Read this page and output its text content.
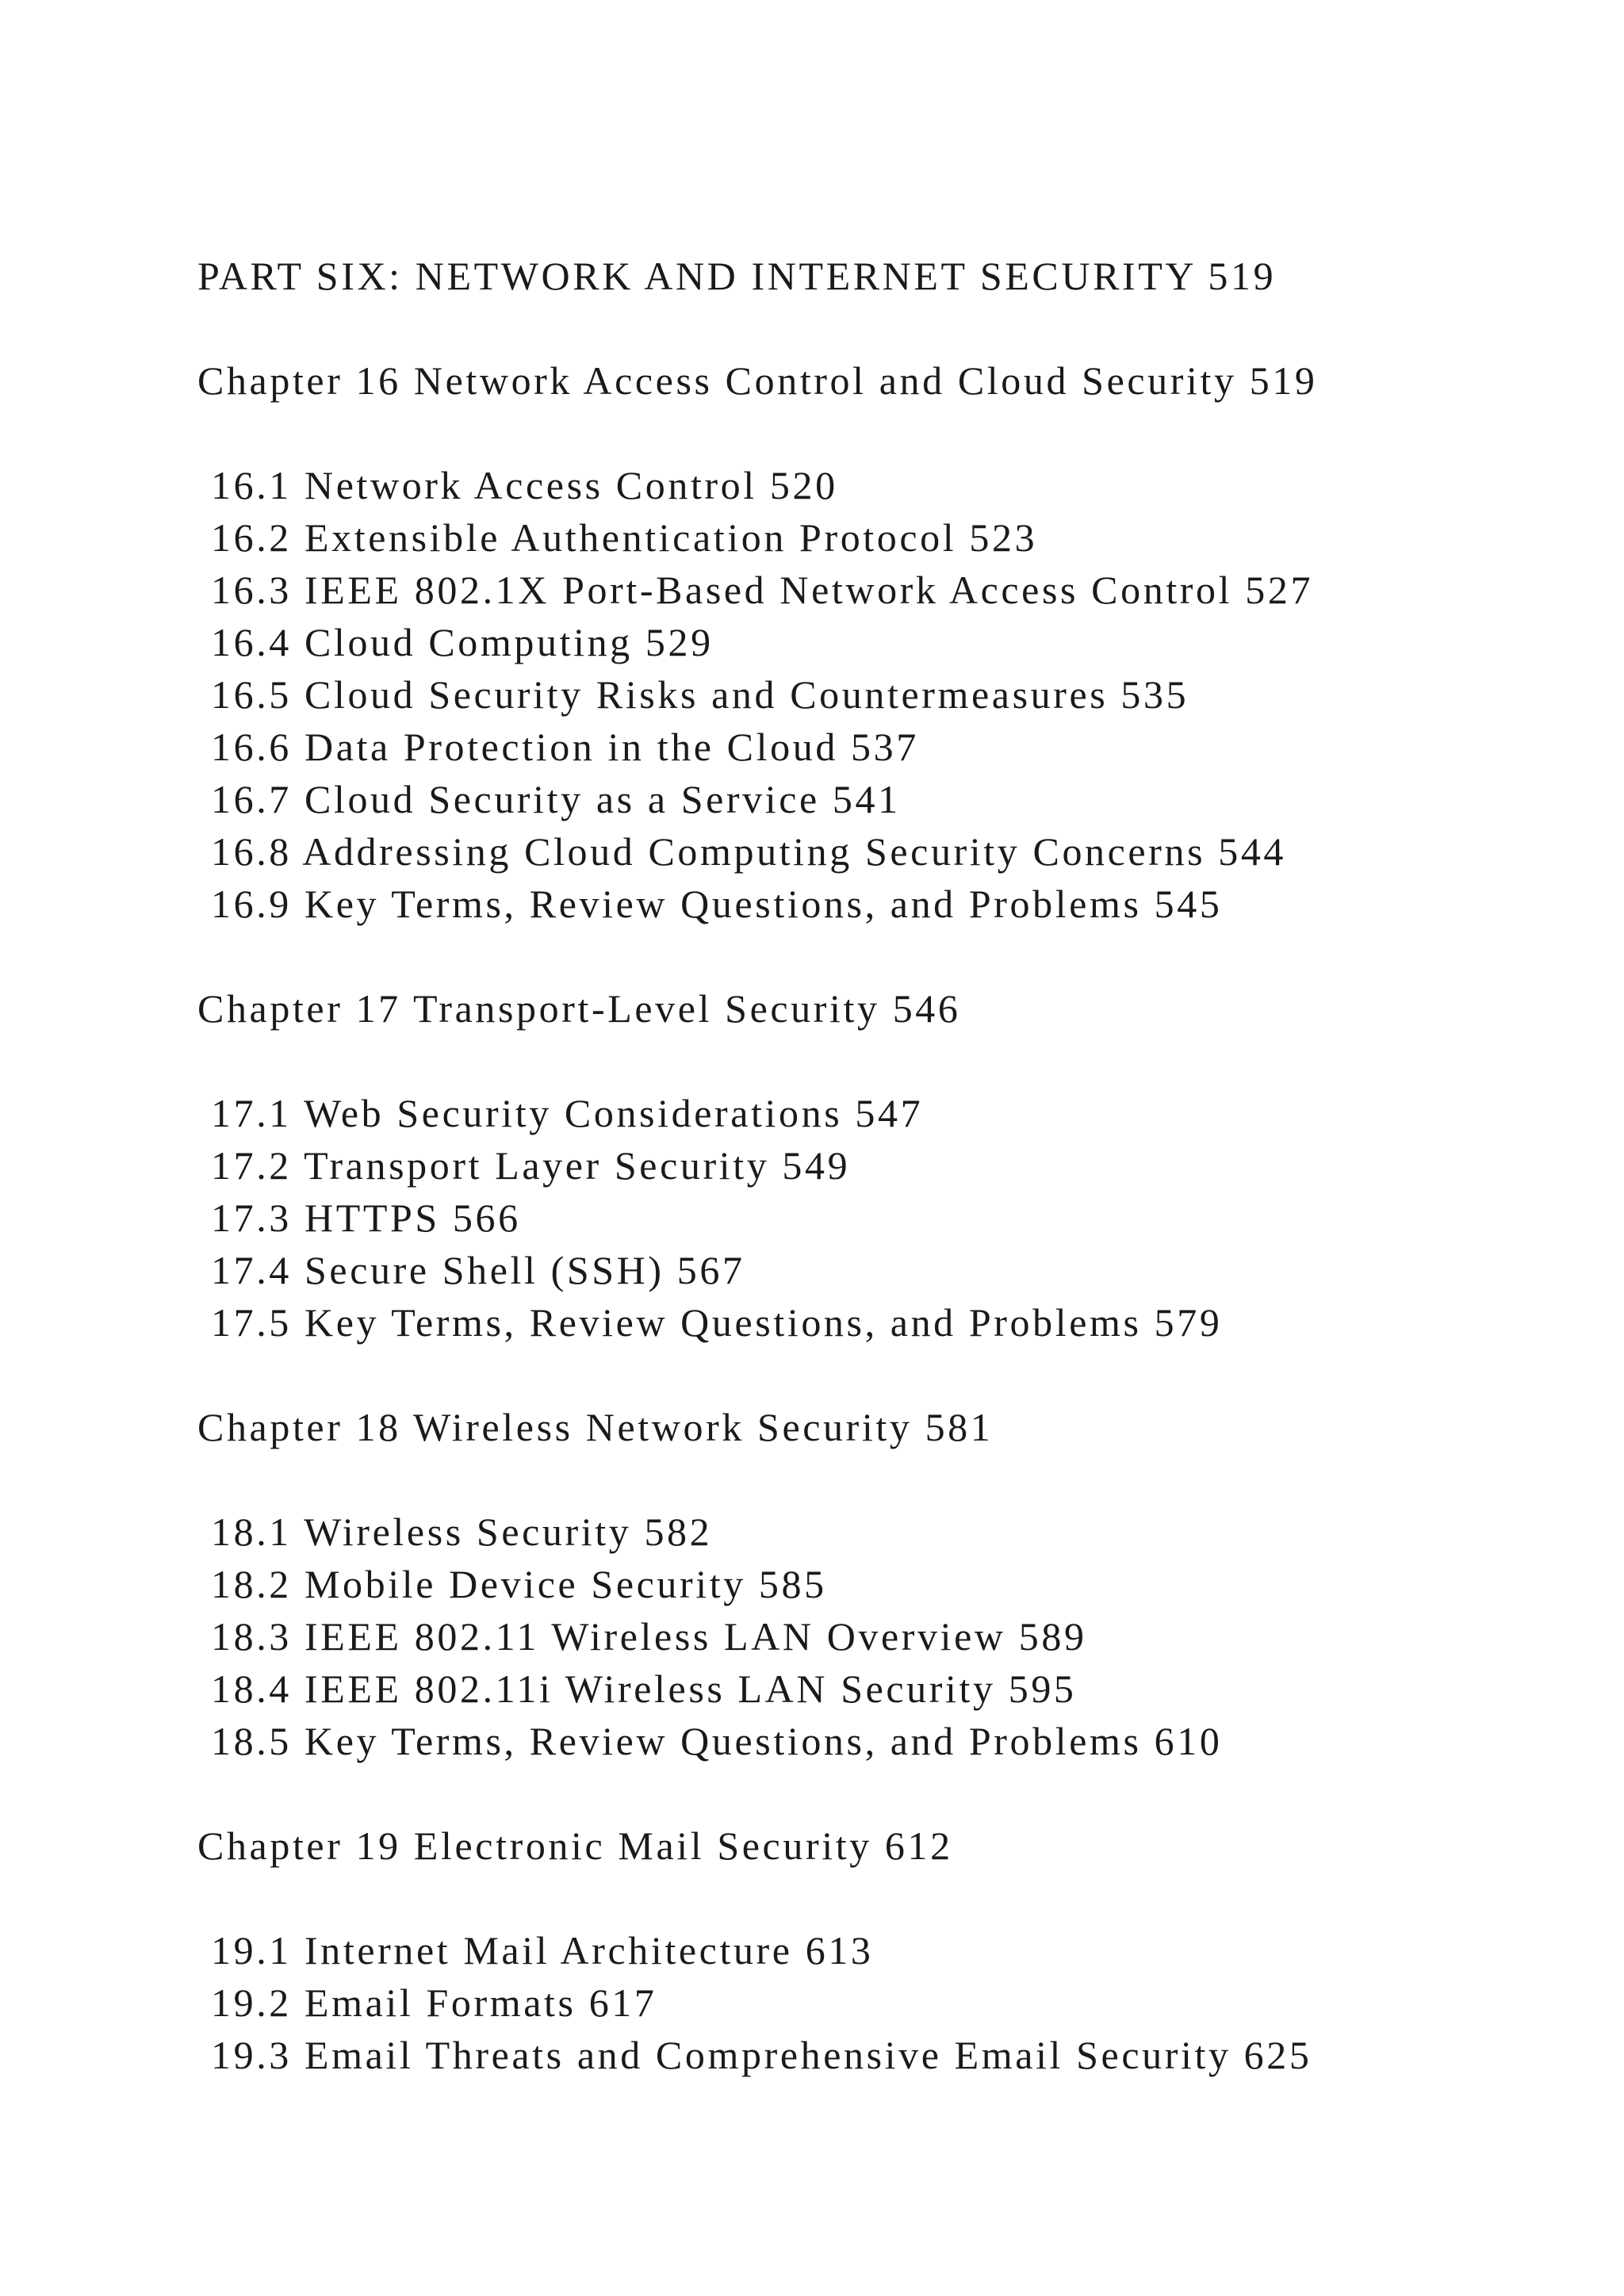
PART SIX: NETWORK AND INTERNET SECURITY 519
Chapter 16 Network Access Control and Cloud Security 519
16.1 Network Access Control 520
16.2 Extensible Authentication Protocol 523
16.3 IEEE 802.1X Port-Based Network Access Control 527
16.4 Cloud Computing 529
16.5 Cloud Security Risks and Countermeasures 535
16.6 Data Protection in the Cloud 537
16.7 Cloud Security as a Service 541
16.8 Addressing Cloud Computing Security Concerns 544
16.9 Key Terms, Review Questions, and Problems 545
Chapter 17 Transport-Level Security 546
17.1 Web Security Considerations 547
17.2 Transport Layer Security 549
17.3 HTTPS 566
17.4 Secure Shell (SSH) 567
17.5 Key Terms, Review Questions, and Problems 579
Chapter 18 Wireless Network Security 581
18.1 Wireless Security 582
18.2 Mobile Device Security 585
18.3 IEEE 802.11 Wireless LAN Overview 589
18.4 IEEE 802.11i Wireless LAN Security 595
18.5 Key Terms, Review Questions, and Problems 610
Chapter 19 Electronic Mail Security 612
19.1 Internet Mail Architecture 613
19.2 Email Formats 617
19.3 Email Threats and Comprehensive Email Security 625
